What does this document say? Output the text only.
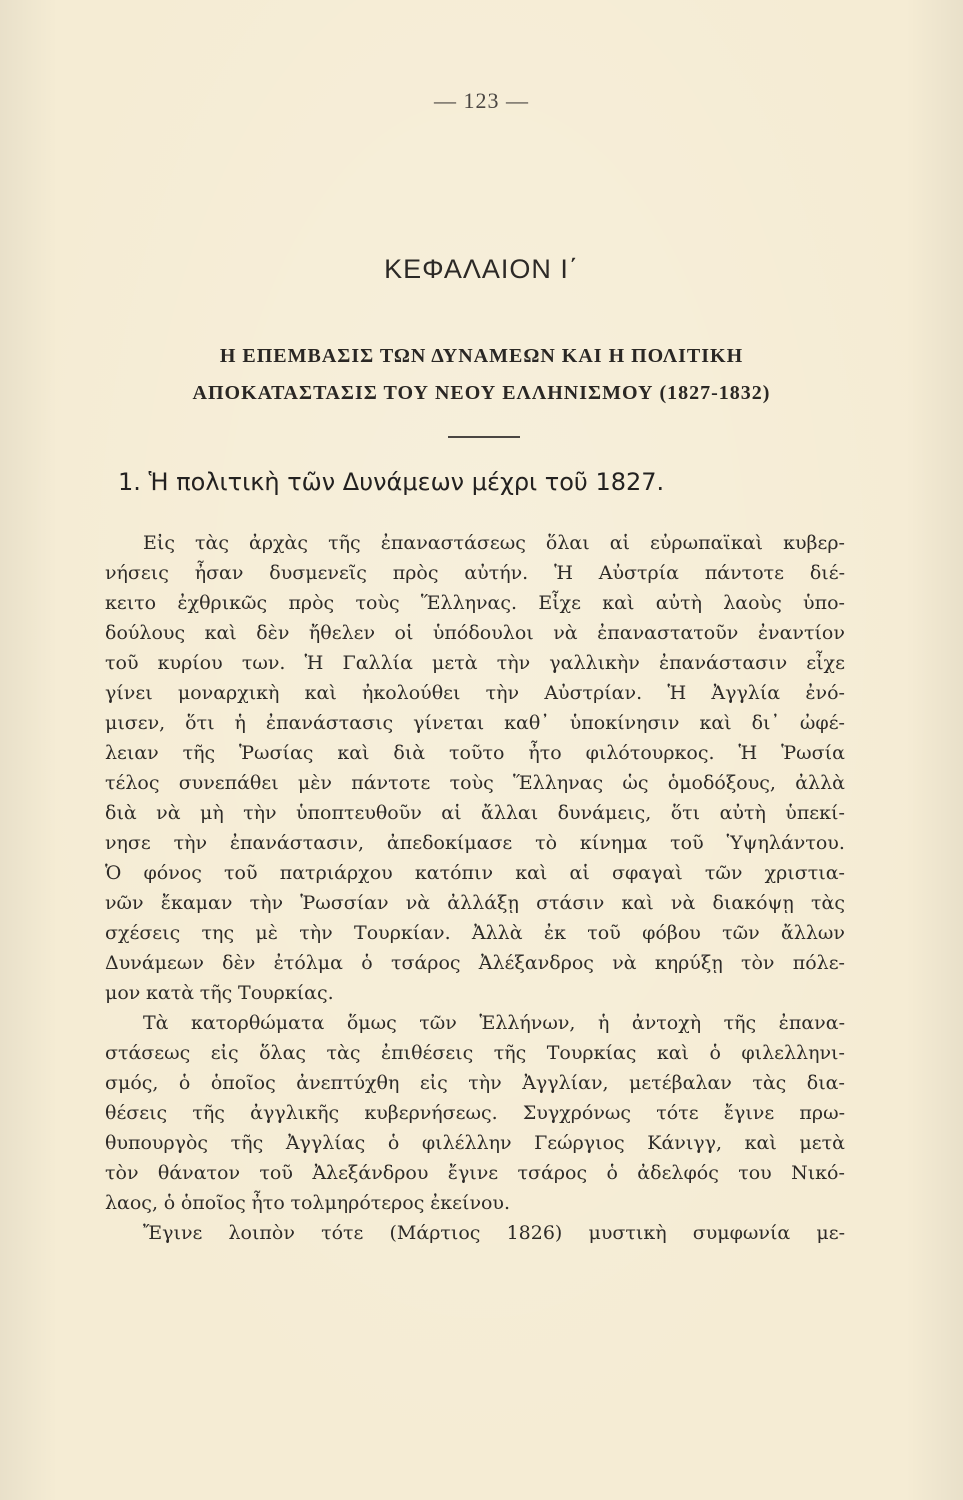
— 123 —
ΚΕΦΑΛΑΙΟΝ Ι΄
Η ΕΠΕΜΒΑΣΙΣ ΤΩΝ ΔΥΝΑΜΕΩΝ ΚΑΙ Η ΠΟΛΙΤΙΚΗ
ΑΠΟΚΑΤΑΣΤΑΣΙΣ ΤΟΥ ΝΕΟΥ ΕΛΛΗΝΙΣΜΟΥ (1827-1832)
1. Ἡ πολιτικὴ τῶν Δυνάμεων μέχρι τοῦ 1827.
Εἰς τὰς ἀρχὰς τῆς ἐπαναστάσεως ὅλαι αἱ εὐρωπαϊκαὶ κυβερ-
νήσεις ἦσαν δυσμενεῖς πρὸς αὐτήν. Ἡ Αὐστρία πάντοτε διέ-
κειτο ἐχθρικῶς πρὸς τοὺς Ἕλληνας. Εἶχε καὶ αὐτὴ λαοὺς ὑπο-
δούλους καὶ δὲν ἤθελεν οἱ ὑπόδουλοι νὰ ἐπαναστατοῦν ἐναντίον
τοῦ κυρίου των. Ἡ Γαλλία μετὰ τὴν γαλλικὴν ἐπανάστασιν εἶχε
γίνει μοναρχικὴ καὶ ἠκολούθει τὴν Αὐστρίαν. Ἡ Ἀγγλία ἐνό-
μισεν, ὅτι ἡ ἐπανάστασις γίνεται καθ᾽ ὑποκίνησιν καὶ δι᾽ ὠφέ-
λειαν τῆς Ῥωσίας καὶ διὰ τοῦτο ἦτο φιλότουρκος. Ἡ Ῥωσία
τέλος συνεπάθει μὲν πάντοτε τοὺς Ἕλληνας ὡς ὁμοδόξους, ἀλλὰ
διὰ νὰ μὴ τὴν ὑποπτευθοῦν αἱ ἄλλαι δυνάμεις, ὅτι αὐτὴ ὑπεκί-
νησε τὴν ἐπανάστασιν, ἀπεδοκίμασε τὸ κίνημα τοῦ Ὑψηλάντου.
Ὁ φόνος τοῦ πατριάρχου κατόπιν καὶ αἱ σφαγαὶ τῶν χριστια-
νῶν ἔκαμαν τὴν Ῥωσσίαν νὰ ἀλλάξῃ στάσιν καὶ νὰ διακόψῃ τὰς
σχέσεις της μὲ τὴν Τουρκίαν. Ἀλλὰ ἐκ τοῦ φόβου τῶν ἄλλων
Δυνάμεων δὲν ἐτόλμα ὁ τσάρος Ἀλέξανδρος νὰ κηρύξῃ τὸν πόλε-
μον κατὰ τῆς Τουρκίας.
Τὰ κατορθώματα ὅμως τῶν Ἑλλήνων, ἡ ἀντοχὴ τῆς ἐπανα-
στάσεως εἰς ὅλας τὰς ἐπιθέσεις τῆς Τουρκίας καὶ ὁ φιλελληνι-
σμός, ὁ ὁποῖος ἀνεπτύχθη εἰς τὴν Ἀγγλίαν, μετέβαλαν τὰς δια-
θέσεις τῆς ἀγγλικῆς κυβερνήσεως. Συγχρόνως τότε ἔγινε πρω-
θυπουργὸς τῆς Ἀγγλίας ὁ φιλέλλην Γεώργιος Κάνιγγ, καὶ μετὰ
τὸν θάνατον τοῦ Ἀλεξάνδρου ἔγινε τσάρος ὁ ἀδελφός του Νικό-
λαος, ὁ ὁποῖος ἦτο τολμηρότερος ἐκείνου.
Ἔγινε λοιπὸν τότε (Μάρτιος 1826) μυστικὴ συμφωνία με-
